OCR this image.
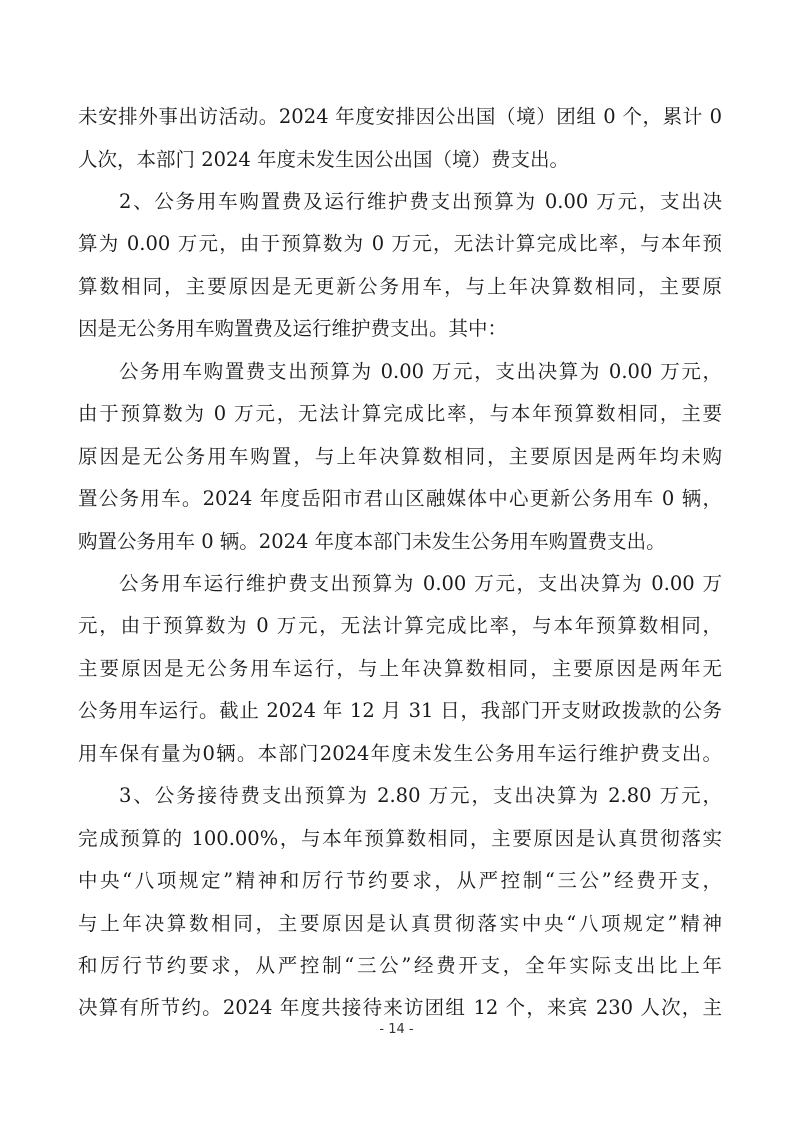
未安排外事出访活动。2024 年度安排因公出国（境）团组 0 个，累计 0
人次，本部门 2024 年度未发生因公出国（境）费支出。
2、公务用车购置费及运行维护费支出预算为 0.00 万元，支出决
算为 0.00 万元，由于预算数为 0 万元，无法计算完成比率，与本年预
算数相同，主要原因是无更新公务用车，与上年决算数相同，主要原
因是无公务用车购置费及运行维护费支出。其中：
公务用车购置费支出预算为 0.00 万元，支出决算为 0.00 万元，
由于预算数为 0 万元，无法计算完成比率，与本年预算数相同，主要
原因是无公务用车购置，与上年决算数相同，主要原因是两年均未购
置公务用车。2024 年度岳阳市君山区融媒体中心更新公务用车 0 辆，
购置公务用车 0 辆。2024 年度本部门未发生公务用车购置费支出。
公务用车运行维护费支出预算为 0.00 万元，支出决算为 0.00 万
元，由于预算数为 0 万元，无法计算完成比率，与本年预算数相同，
主要原因是无公务用车运行，与上年决算数相同，主要原因是两年无
公务用车运行。截止 2024 年 12 月 31 日，我部门开支财政拨款的公务
用车保有量为0辆。本部门2024年度未发生公务用车运行维护费支出。
3、公务接待费支出预算为 2.80 万元，支出决算为 2.80 万元，
完成预算的 100.00%，与本年预算数相同，主要原因是认真贯彻落实
中央“八项规定”精神和厉行节约要求，从严控制“三公”经费开支，
与上年决算数相同，主要原因是认真贯彻落实中央“八项规定”精神
和厉行节约要求，从严控制“三公”经费开支，全年实际支出比上年
决算有所节约。2024 年度共接待来访团组 12 个，来宾 230 人次，主
- 14 -
